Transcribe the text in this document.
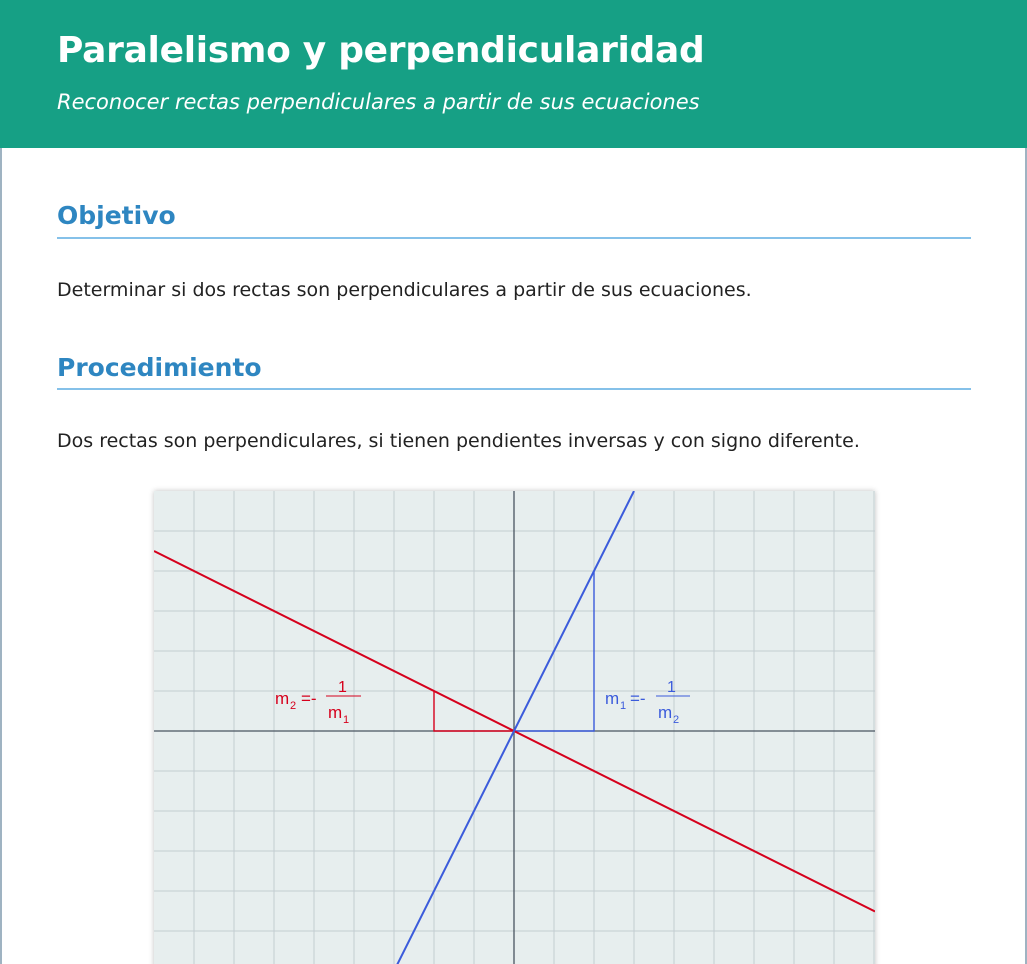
Paralelismo y perpendicularidad

Reconocer rectas perpendiculares a partir de sus ecuaciones

Objetivo

Determinar si dos rectas son perpendiculares a partir de sus ecuaciones.

Procedimiento

Dos rectas son perpendiculares, si tienen pendientes inversas y con signo diferente.

m 1 =-
1
m 2
m 2 =-
1
m 1
